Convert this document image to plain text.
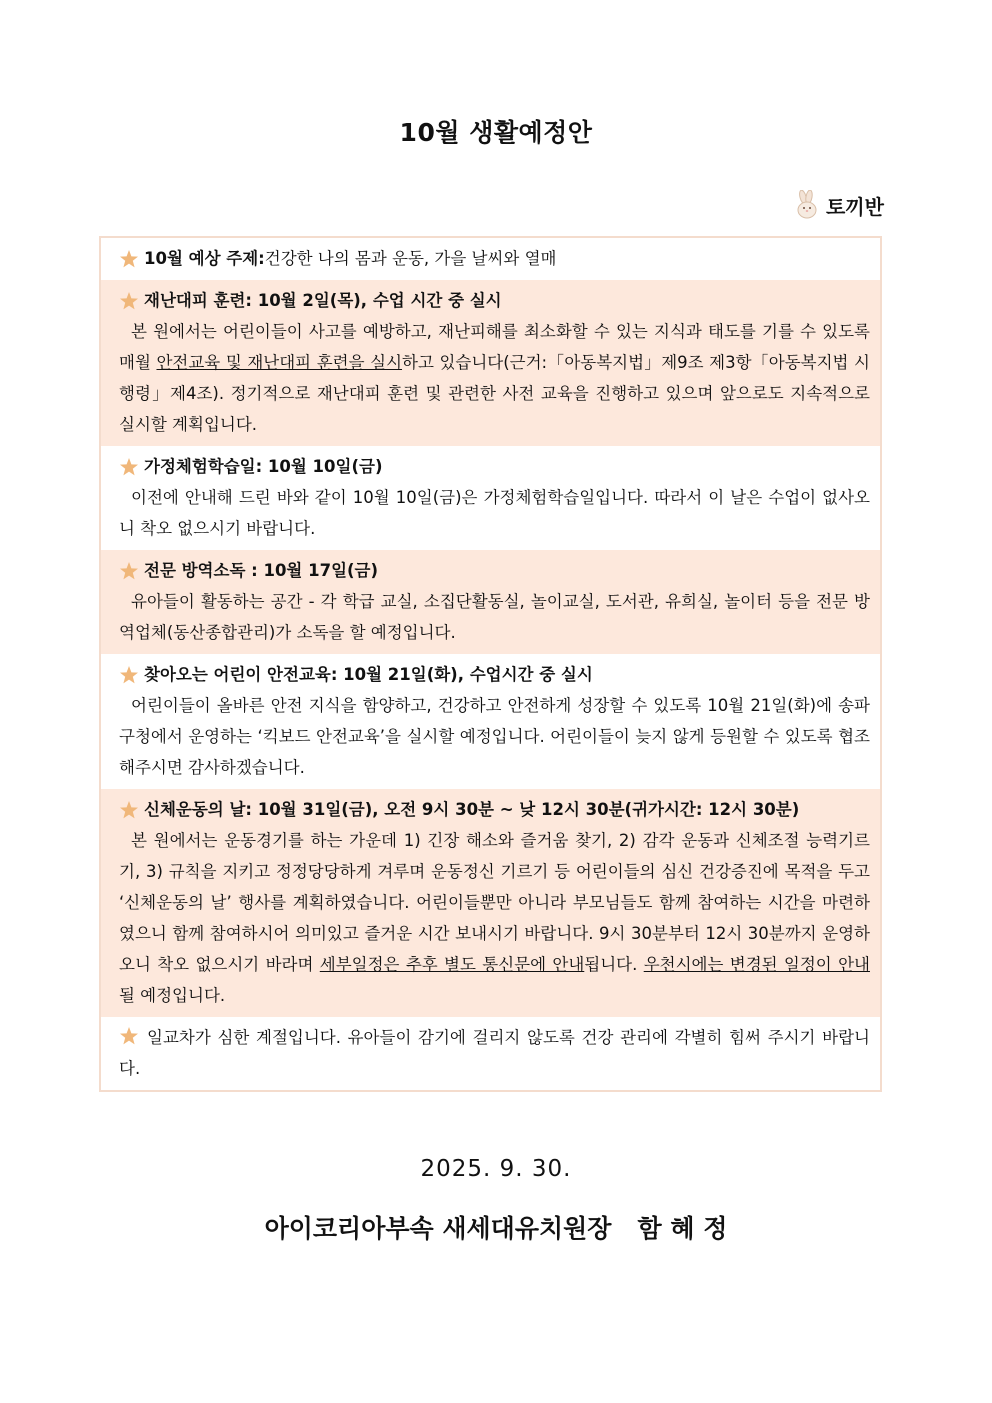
10월 생활예정안
토끼반
10월 예상 주제: 건강한 나의 몸과 운동, 가을 날씨와 열매
재난대피 훈련: 10월 2일(목), 수업 시간 중 실시
본 원에서는 어린이들이 사고를 예방하고, 재난피해를 최소화할 수 있는 지식과 태도를 기를 수 있도록 매월 안전교육 및 재난대피 훈련을 실시하고 있습니다(근거:「아동복지법」제9조 제3항「아동복지법 시행령」제4조). 정기적으로 재난대피 훈련 및 관련한 사전 교육을 진행하고 있으며 앞으로도 지속적으로 실시할 계획입니다.
가정체험학습일: 10월 10일(금)
이전에 안내해 드린 바와 같이 10월 10일(금)은 가정체험학습일입니다. 따라서 이 날은 수업이 없사오니 착오 없으시기 바랍니다.
전문 방역소독 : 10월 17일(금)
유아들이 활동하는 공간 - 각 학급 교실, 소집단활동실, 놀이교실, 도서관, 유희실, 놀이터 등을 전문 방역업체(동산종합관리)가 소독을 할 예정입니다.
찾아오는 어린이 안전교육: 10월 21일(화), 수업시간 중 실시
어린이들이 올바른 안전 지식을 함양하고, 건강하고 안전하게 성장할 수 있도록 10월 21일(화)에 송파구청에서 운영하는 ‘킥보드 안전교육’을 실시할 예정입니다. 어린이들이 늦지 않게 등원할 수 있도록 협조해주시면 감사하겠습니다.
신체운동의 날: 10월 31일(금), 오전 9시 30분 ~ 낮 12시 30분(귀가시간: 12시 30분)
본 원에서는 운동경기를 하는 가운데 1) 긴장 해소와 즐거움 찾기, 2) 감각 운동과 신체조절 능력기르기, 3) 규칙을 지키고 정정당당하게 겨루며 운동정신 기르기 등 어린이들의 심신 건강증진에 목적을 두고 ‘신체운동의 날’ 행사를 계획하였습니다. 어린이들뿐만 아니라 부모님들도 함께 참여하는 시간을 마련하였으니 함께 참여하시어 의미있고 즐거운 시간 보내시기 바랍니다. 9시 30분부터 12시 30분까지 운영하오니 착오 없으시기 바라며 세부일정은 추후 별도 통신문에 안내됩니다. 우천시에는 변경된 일정이 안내될 예정입니다.
일교차가 심한 계절입니다. 유아들이 감기에 걸리지 않도록 건강 관리에 각별히 힘써 주시기 바랍니다.
2025. 9. 30.
아이코리아부속 새세대유치원장   함 혜 정
